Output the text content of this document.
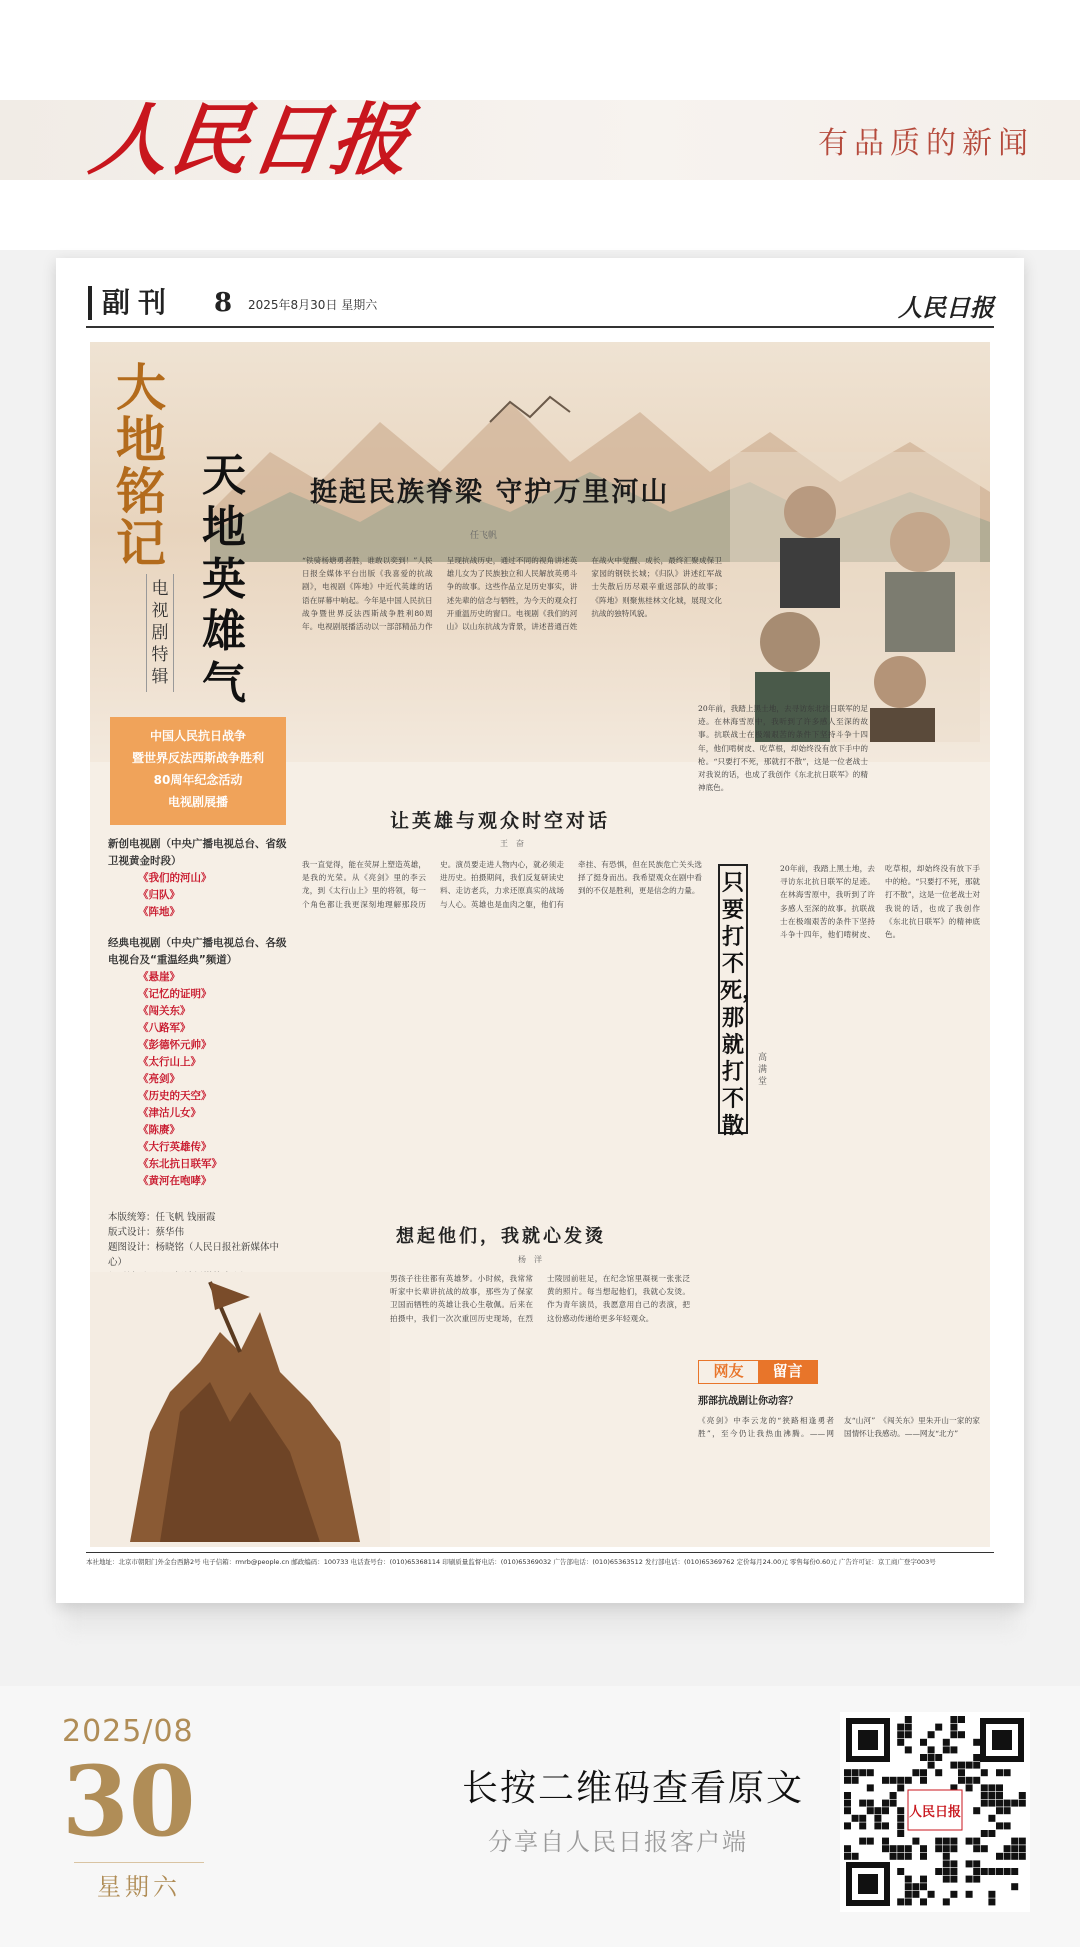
人民日报	有品质的新闻
副刊 8 2025年8月30日 星期六	人民日报
大地铭记
电视剧特辑
天地英雄气
中国人民抗日战争
暨世界反法西斯战争胜利
80周年纪念活动
电视剧展播
新创电视剧（中央广播电视总台、省级卫视黄金时段）
《我们的河山》
《归队》
《阵地》
经典电视剧（中央广播电视总台、各级电视台及“重温经典”频道）
《悬崖》
《记忆的证明》
《闯关东》
《八路军》
《彭德怀元帅》
《太行山上》
《亮剑》
《历史的天空》
《津沽儿女》
《陈赓》
《大行英雄传》
《东北抗日联军》
《黄河在咆哮》
本版统筹：任飞帆 钱丽霞
版式设计：蔡华伟
题图设计：杨晓铭（人民日报社新媒体中心）
挺起民族脊梁 守护万里河山
任飞帆
“铁骑杨塘勇者胜，谁敢以奕到！”人民日报全媒体平台出版《我喜爱的抗战剧》，电视剧《阵地》中近代英雄的话语在屏幕中响起。今年是中国人民抗日战争暨世界反法西斯战争胜利80周年。电视剧展播活动以一部部精品力作呈现抗战历史，通过不同的视角讲述英雄儿女为了民族独立和人民解放英勇斗争的故事。这些作品立足历史事实，讲述先辈的信念与牺牲，为今天的观众打开重温历史的窗口。电视剧《我们的河山》以山东抗战为背景，讲述普通百姓在战火中觉醒、成长，最终汇聚成保卫家园的钢铁长城；《归队》讲述红军战士失散后历尽艰辛重返部队的故事；《阵地》则聚焦桂林文化城，展现文化抗战的独特风貌。
20年前，我踏上黑土地，去寻访东北抗日联军的足迹。在林海雪原中，我听到了许多感人至深的故事。抗联战士在极端艰苦的条件下坚持斗争十四年，他们啃树皮、吃草根，却始终没有放下手中的枪。“只要打不死，那就打不散”，这是一位老战士对我说的话，也成了我创作《东北抗日联军》的精神底色。
让英雄与观众时空对话
王　奋
我一直觉得，能在荧屏上塑造英雄，是我的光荣。从《亮剑》里的李云龙，到《太行山上》里的将领，每一个角色都让我更深刻地理解那段历史。演员要走进人物内心，就必须走进历史。拍摄期间，我们反复研读史料、走访老兵，力求还原真实的战场与人心。英雄也是血肉之躯，他们有牵挂、有恐惧，但在民族危亡关头选择了挺身而出。我希望观众在剧中看到的不仅是胜利，更是信念的力量。 只要打不死，那就打不散
高满堂
20年前，我踏上黑土地，去寻访东北抗日联军的足迹。在林海雪原中，我听到了许多感人至深的故事。抗联战士在极端艰苦的条件下坚持斗争十四年，他们啃树皮、吃草根，却始终没有放下手中的枪。“只要打不死，那就打不散”，这是一位老战士对我说的话，也成了我创作《东北抗日联军》的精神底色。
想起他们，我就心发烫
杨　洋
男孩子往往都有英雄梦。小时候，我常常听家中长辈讲抗战的故事，那些为了保家卫国而牺牲的英雄让我心生敬佩。后来在拍摄中，我们一次次重回历史现场，在烈士陵园前驻足，在纪念馆里凝视一张张泛黄的照片。每当想起他们，我就心发烫。作为青年演员，我愿意用自己的表演，把这份感动传递给更多年轻观众。
网友	留言
那部抗战剧让你动容？
《亮剑》中李云龙的“狭路相逢勇者胜”，至今仍让我热血沸腾。——网友“山河”　《闯关东》里朱开山一家的家国情怀让我感动。——网友“北方”
本社地址：北京市朝阳门外金台西路2号 电子信箱：rmrb@people.cn 邮政编码：100733 电话查号台：(010)65368114 印刷质量监督电话：(010)65369032 广告部电话：(010)65363512 发行部电话：(010)65369762 定价每月24.00元 零售每份0.60元 广告许可证：京工商广登字003号
2025/08
30
星期六
长按二维码查看原文
分享自人民日报客户端
人民日报
